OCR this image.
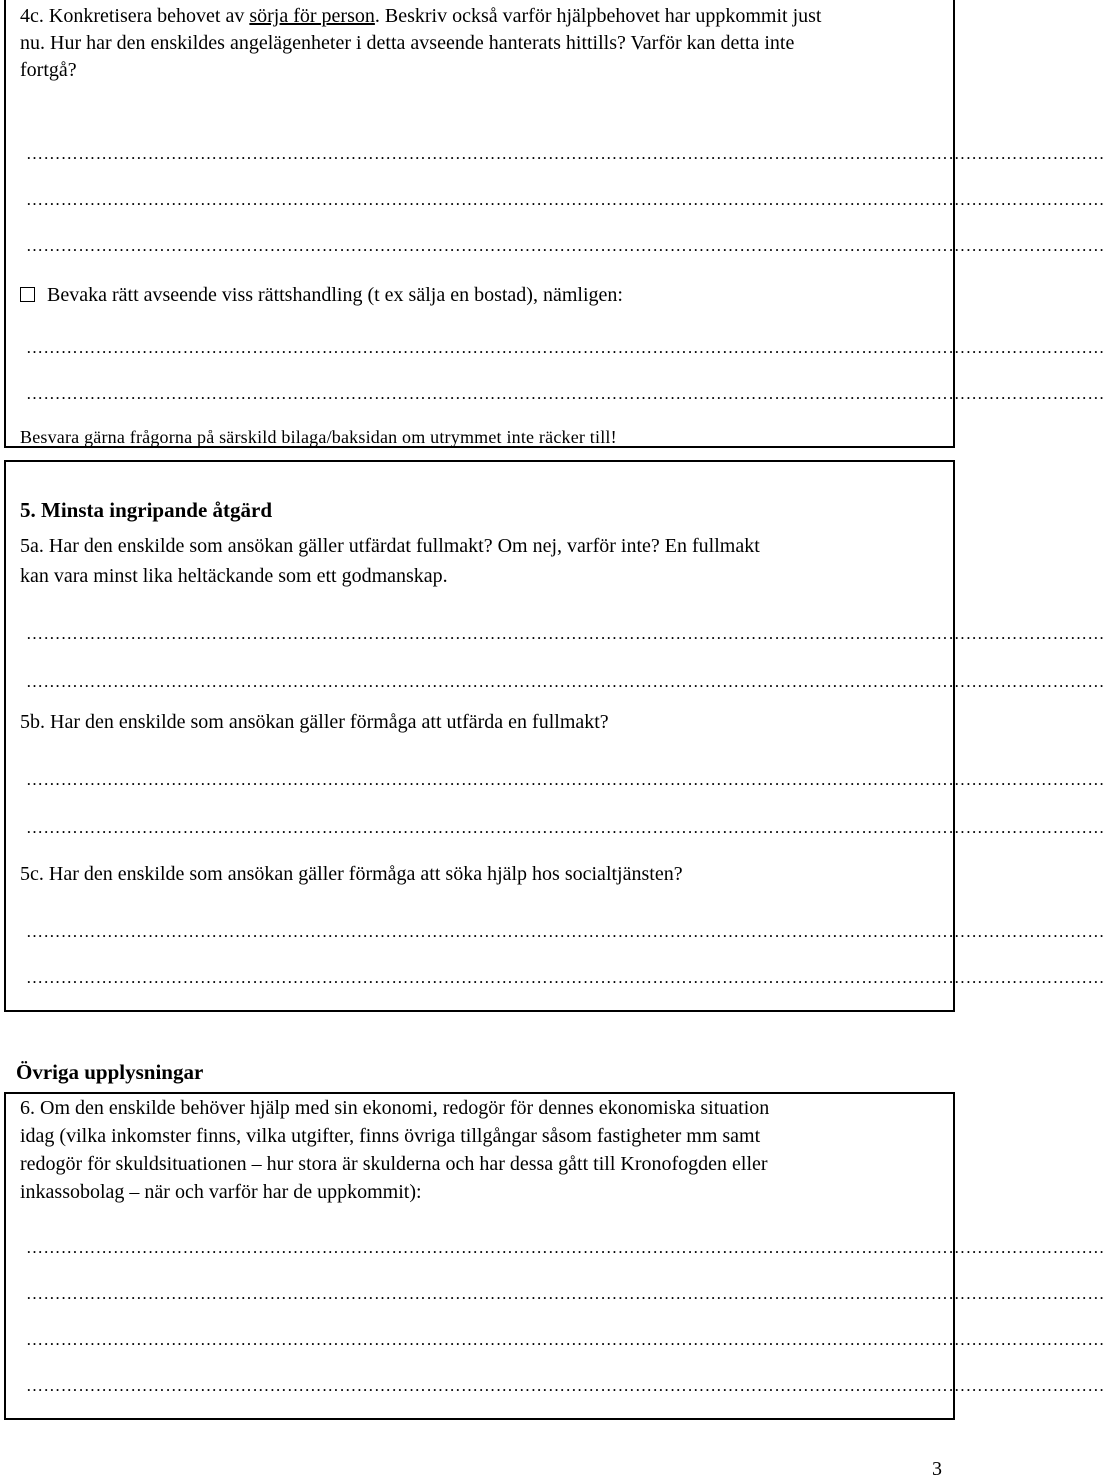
4c. Konkretisera behovet av sörja för person. Beskriv också varför hjälpbehovet har uppkommit just
nu. Hur har den enskildes angelägenheter i detta avseende hanterats hittills? Varför kan detta inte
fortgå?
……………………………………………………………………………………………………………………………………………………………………
……………………………………………………………………………………………………………………………………………………………………
……………………………………………………………………………………………………………………………………………………………………
Bevaka rätt avseende viss rättshandling (t ex sälja en bostad), nämligen:
……………………………………………………………………………………………………………………………………………………………………
……………………………………………………………………………………………………………………………………………………………………
Besvara gärna frågorna på särskild bilaga/baksidan om utrymmet inte räcker till!
5. Minsta ingripande åtgärd
5a. Har den enskilde som ansökan gäller utfärdat fullmakt? Om nej, varför inte? En fullmakt
kan vara minst lika heltäckande som ett godmanskap.
……………………………………………………………………………………………………………………………………………………………………
……………………………………………………………………………………………………………………………………………………………………
5b. Har den enskilde som ansökan gäller förmåga att utfärda en fullmakt?
……………………………………………………………………………………………………………………………………………………………………
……………………………………………………………………………………………………………………………………………………………………
5c. Har den enskilde som ansökan gäller förmåga att söka hjälp hos socialtjänsten?
……………………………………………………………………………………………………………………………………………………………………
……………………………………………………………………………………………………………………………………………………………………
Övriga upplysningar
6. Om den enskilde behöver hjälp med sin ekonomi, redogör för dennes ekonomiska situation
idag (vilka inkomster finns, vilka utgifter, finns övriga tillgångar såsom fastigheter mm samt
redogör för skuldsituationen – hur stora är skulderna och har dessa gått till Kronofogden eller
inkassobolag – när och varför har de uppkommit):
……………………………………………………………………………………………………………………………………………………………………
……………………………………………………………………………………………………………………………………………………………………
……………………………………………………………………………………………………………………………………………………………………
……………………………………………………………………………………………………………………………………………………………………
3
